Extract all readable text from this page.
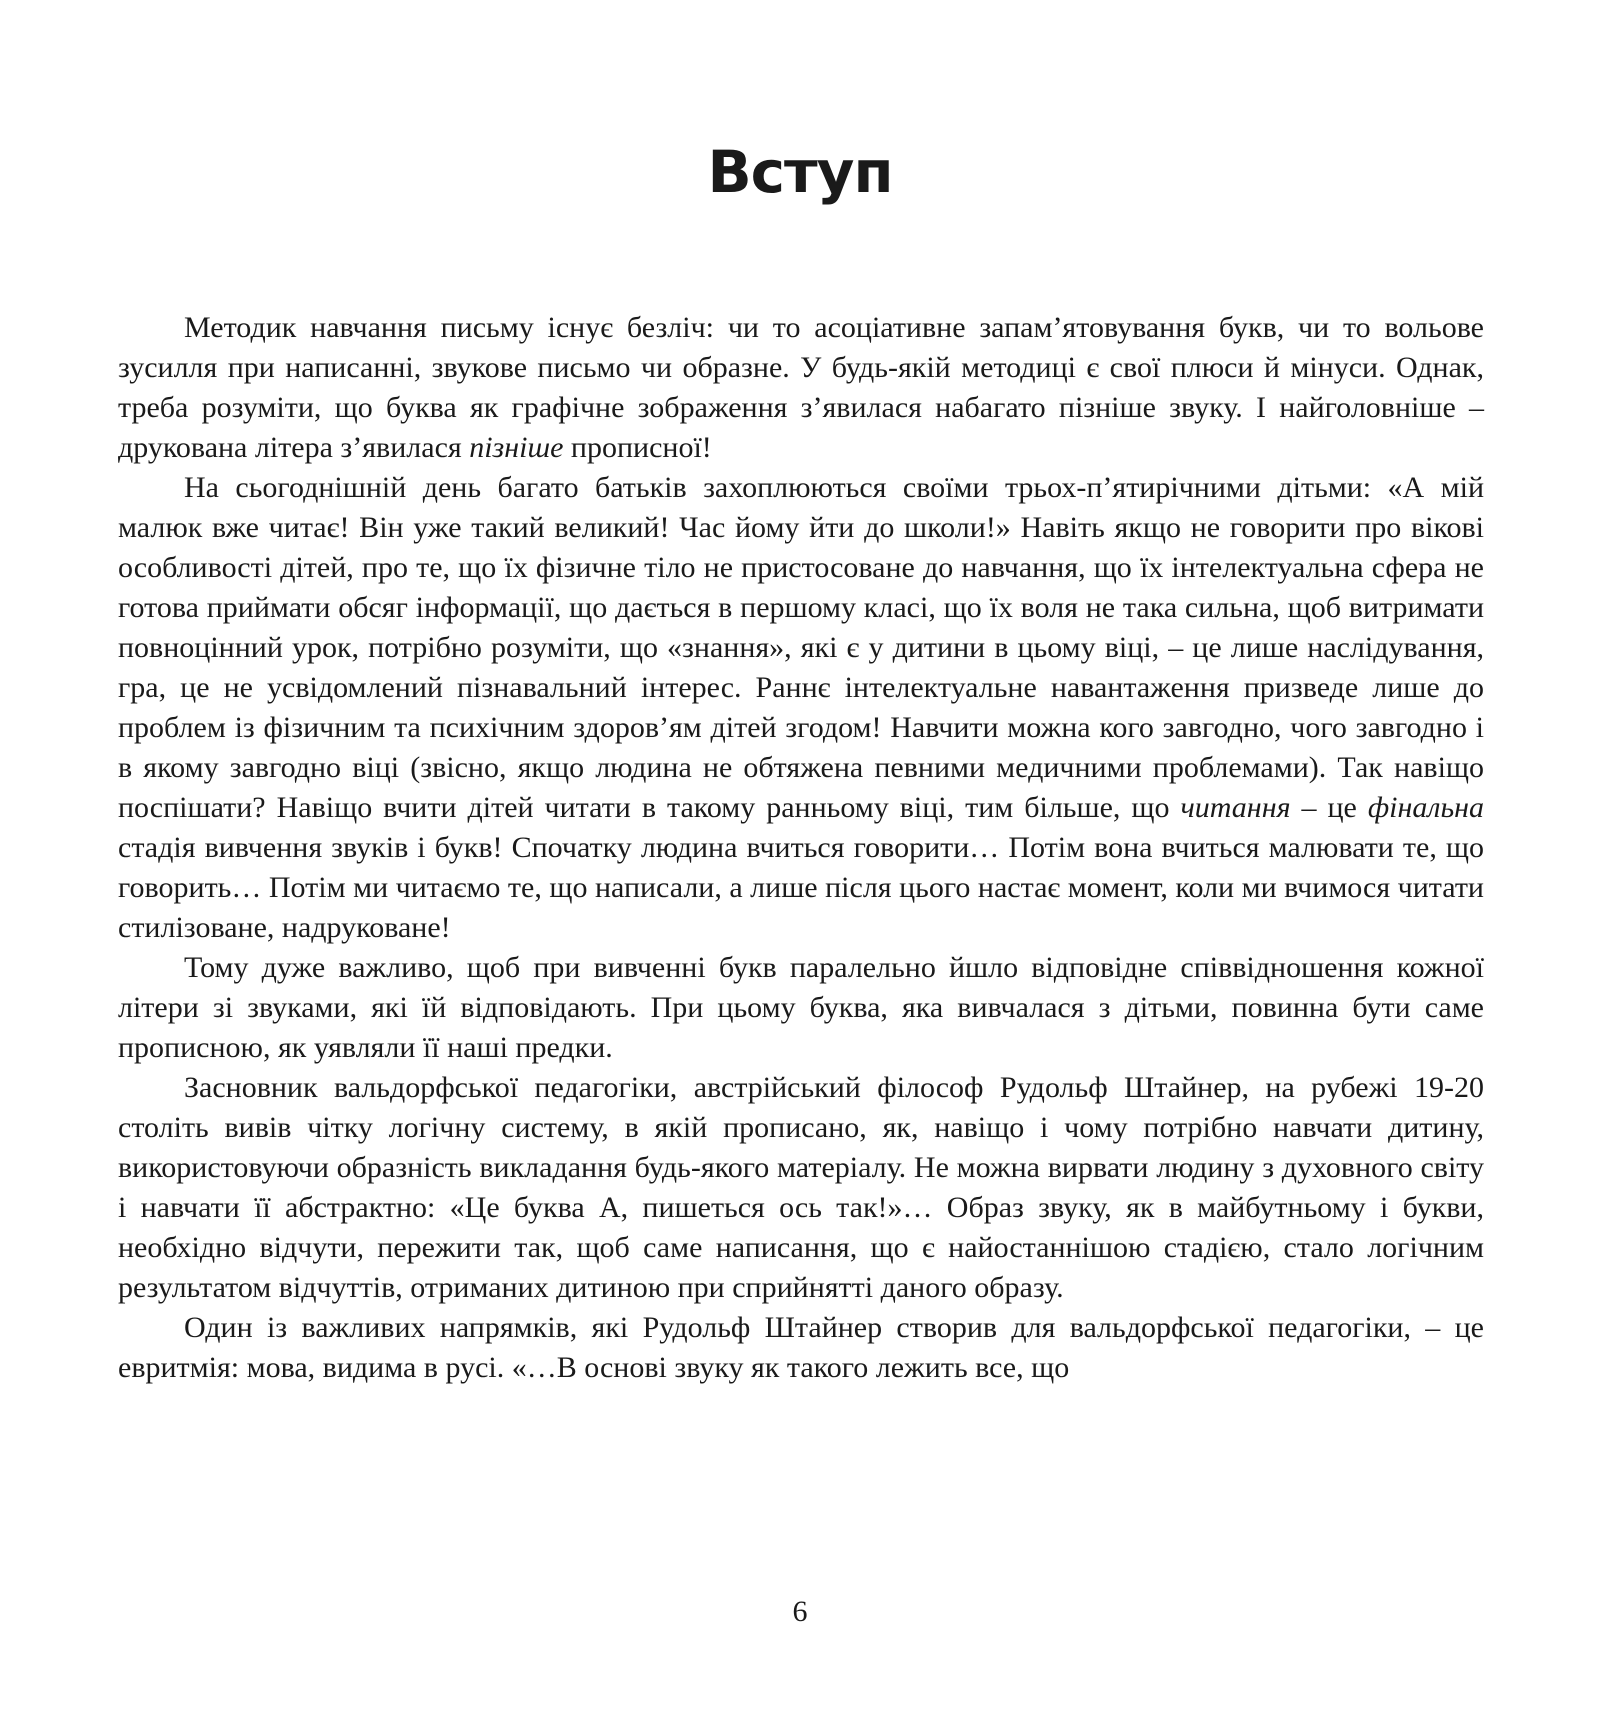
Вступ

Методик навчання письму існує безліч: чи то асоціативне запам’ятовування букв, чи то вольове зусилля при написанні, звукове письмо чи образне. У будь-якій методиці є свої плюси й мінуси. Однак, треба розуміти, що буква як графічне зображення з’явилася набагато пізніше звуку. І найголовніше – друкована літера з’явилася пізніше прописної!

На сьогоднішній день багато батьків захоплюються своїми трьох-п’ятирічними дітьми: «А мій малюк вже читає! Він уже такий великий! Час йому йти до школи!» Навіть якщо не говорити про вікові особливості дітей, про те, що їх фізичне тіло не пристосоване до навчання, що їх інтелектуальна сфера не готова приймати обсяг інформації, що дається в першому класі, що їх воля не така сильна, щоб витримати повноцінний урок, потрібно розуміти, що «знання», які є у дитини в цьому віці, – це лише наслідування, гра, це не усвідомлений пізнавальний інтерес. Раннє інтелектуальне навантаження призведе лише до проблем із фізичним та психічним здоров’ям дітей згодом! Навчити можна кого завгодно, чого завгодно і в якому завгодно віці (звісно, якщо людина не обтяжена певними медичними проблемами). Так навіщо поспішати? Навіщо вчити дітей читати в такому ранньому віці, тим більше, що читання – це фінальна стадія вивчення звуків і букв! Спочатку людина вчиться говорити… Потім вона вчиться малювати те, що говорить… Потім ми читаємо те, що написали, а лише після цього настає момент, коли ми вчимося читати стилізоване, надруковане!

Тому дуже важливо, щоб при вивченні букв паралельно йшло відповідне співвідношення кожної літери зі звуками, які їй відповідають. При цьому буква, яка вивчалася з дітьми, повинна бути саме прописною, як уявляли її наші предки.

Засновник вальдорфської педагогіки, австрійський філософ Рудольф Штайнер, на рубежі 19-20 століть вивів чітку логічну систему, в якій прописано, як, навіщо і чому потрібно навчати дитину, використовуючи образність викладання будь-якого матеріалу. Не можна вирвати людину з духовного світу і навчати її абстрактно: «Це буква А, пишеться ось так!»… Образ звуку, як в майбутньому і букви, необхідно відчути, пережити так, щоб саме написання, що є найостаннішою стадією, стало логічним результатом відчуттів, отриманих дитиною при сприйнятті даного образу.

Один із важливих напрямків, які Рудольф Штайнер створив для вальдорфської педагогіки, – це евритмія: мова, видима в русі. «…В основі звуку як такого лежить все, що

6
